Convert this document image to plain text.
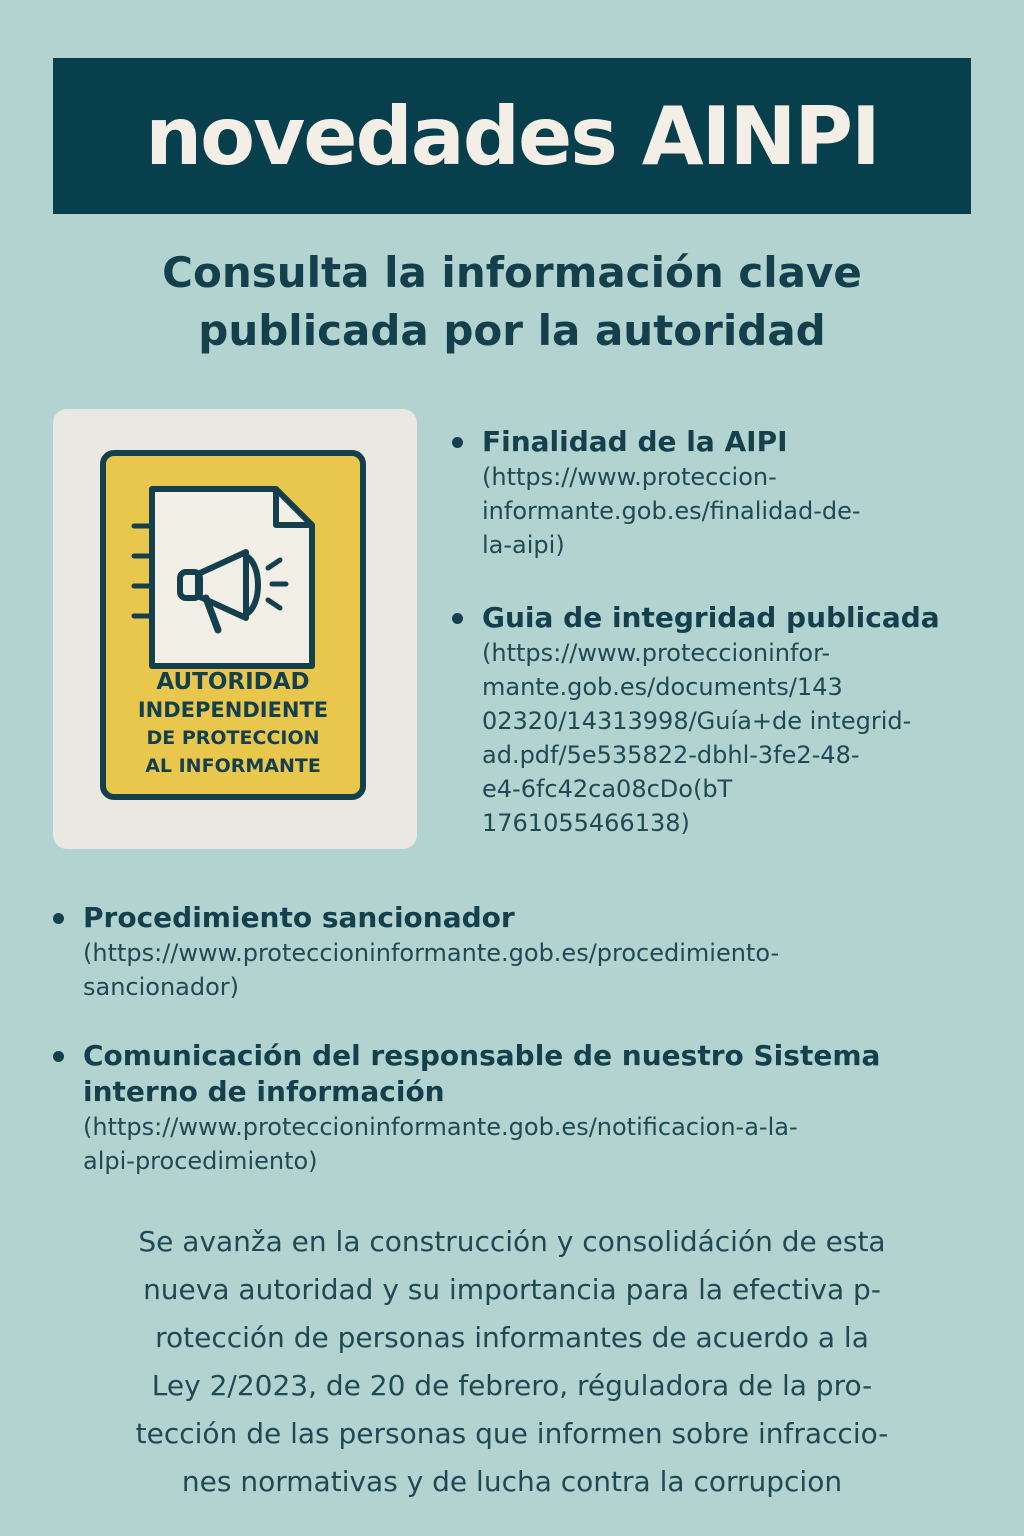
novedades AINPI
Consulta la información clave
publicada por la autoridad
AUTORIDAD
INDEPENDIENTE
DE PROTECCION
AL INFORMANTE
Finalidad de la AIPI
(https://www.proteccion-
informante.gob.es/finalidad-de-
la-aipi)
Guia de integridad publicada
(https://www.proteccioninfor-
mante.gob.es/documents/143
02320/14313998/Guía+de integrid-
ad.pdf/5e535822-dbhl-3fe2-48-
e4-6fc42ca08cDo(bT
1761055466138)
Procedimiento sancionador
(https://www.proteccioninformante.gob.es/procedimiento-
sancionador)
Comunicación del responsable de nuestro Sistema
interno de información
(https://www.proteccioninformante.gob.es/notificacion-a-la-
alpi-procedimiento)
Se avanža en la construcción y consolidáción de esta
nueva autoridad y su importancia para la efectiva p-
rotección de personas informantes de acuerdo a la
Ley 2/2023, de 20 de febrero, réguladora de la pro-
tección de las personas que informen sobre infraccio-
nes normativas y de lucha contra la corrupcion
